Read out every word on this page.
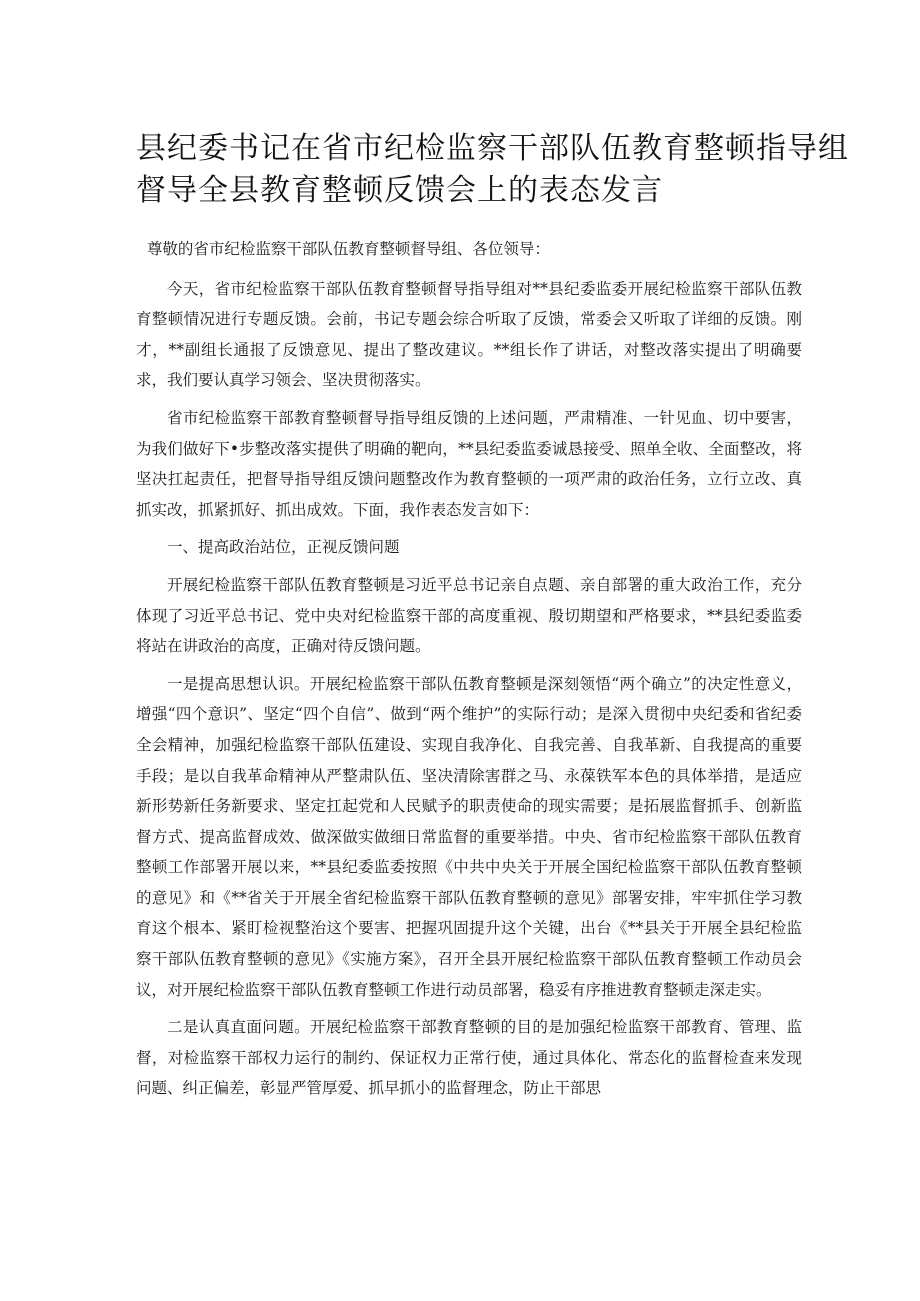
县纪委书记在省市纪检监察干部队伍教育整顿指导组
督导全县教育整顿反馈会上的表态发言

尊敬的省市纪检监察干部队伍教育整顿督导组、各位领导：

今天，省市纪检监察干部队伍教育整顿督导指导组对**县纪委监委开展纪检监察干部队伍教育整顿情况进行专题反馈。会前，书记专题会综合听取了反馈，常委会又听取了详细的反馈。刚才，**副组长通报了反馈意见、提出了整改建议。**组长作了讲话，对整改落实提出了明确要求，我们要认真学习领会、坚决贯彻落实。

省市纪检监察干部教育整顿督导指导组反馈的上述问题，严肃精准、一针见血、切中要害，为我们做好下•步整改落实提供了明确的靶向，**县纪委监委诚恳接受、照单全收、全面整改，将坚决扛起责任，把督导指导组反馈问题整改作为教育整顿的一项严肃的政治任务，立行立改、真抓实改，抓紧抓好、抓出成效。下面，我作表态发言如下：

一、提高政治站位，正视反馈问题

开展纪检监察干部队伍教育整顿是习近平总书记亲自点题、亲自部署的重大政治工作，充分体现了习近平总书记、党中央对纪检监察干部的高度重视、殷切期望和严格要求，**县纪委监委将站在讲政治的高度，正确对待反馈问题。

一是提高思想认识。开展纪检监察干部队伍教育整顿是深刻领悟“两个确立”的决定性意义，增强“四个意识”、坚定“四个自信”、做到“两个维护”的实际行动；是深入贯彻中央纪委和省纪委全会精神，加强纪检监察干部队伍建设、实现自我净化、自我完善、自我革新、自我提高的重要手段；是以自我革命精神从严整肃队伍、坚决清除害群之马、永葆铁军本色的具体举措，是适应新形势新任务新要求、坚定扛起党和人民赋予的职责使命的现实需要；是拓展监督抓手、创新监督方式、提高监督成效、做深做实做细日常监督的重要举措。中央、省市纪检监察干部队伍教育整顿工作部署开展以来，**县纪委监委按照《中共中央关于开展全国纪检监察干部队伍教育整顿的意见》和《**省关于开展全省纪检监察干部队伍教育整顿的意见》部署安排，牢牢抓住学习教育这个根本、紧盯检视整治这个要害、把握巩固提升这个关键，出台《**县关于开展全县纪检监察干部队伍教育整顿的意见》《实施方案》，召开全县开展纪检监察干部队伍教育整顿工作动员会议，对开展纪检监察干部队伍教育整顿工作进行动员部署，稳妥有序推进教育整顿走深走实。

二是认真直面问题。开展纪检监察干部教育整顿的目的是加强纪检监察干部教育、管理、监督，对检监察干部权力运行的制约、保证权力正常行使，通过具体化、常态化的监督检查来发现问题、纠正偏差，彰显严管厚爱、抓早抓小的监督理念，防止干部思
